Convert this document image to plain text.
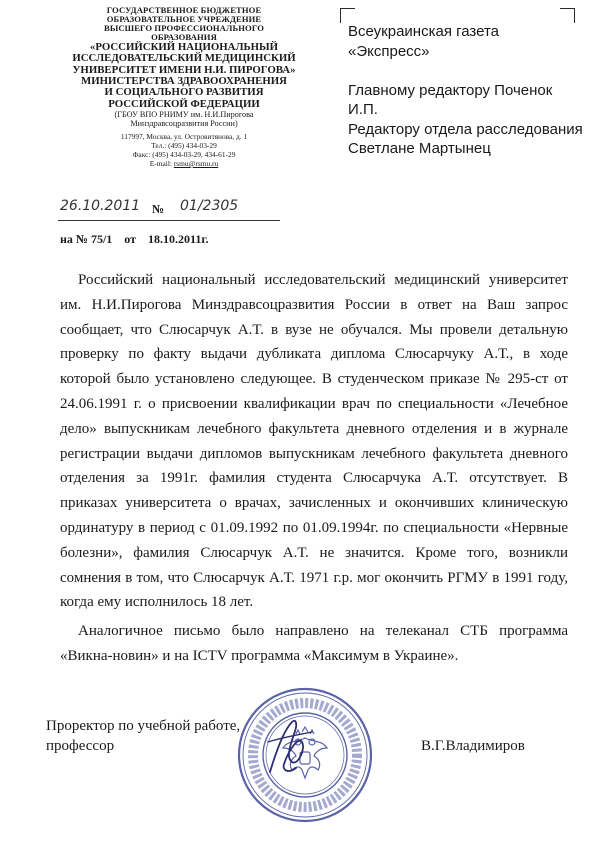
ГОСУДАРСТВЕННОЕ БЮДЖЕТНОЕ
ОБРАЗОВАТЕЛЬНОЕ УЧРЕЖДЕНИЕ
ВЫСШЕГО ПРОФЕССИОНАЛЬНОГО
ОБРАЗОВАНИЯ
«РОССИЙСКИЙ НАЦИОНАЛЬНЫЙ
ИССЛЕДОВАТЕЛЬСКИЙ МЕДИЦИНСКИЙ
УНИВЕРСИТЕТ ИМЕНИ Н.И. ПИРОГОВА»
МИНИСТЕРСТВА ЗДРАВООХРАНЕНИЯ
И СОЦИАЛЬНОГО РАЗВИТИЯ
РОССИЙСКОЙ ФЕДЕРАЦИИ
(ГБОУ ВПО РНИМУ им. Н.И.Пирогова
Минздравсоцразвития России)
117997, Москва, ул. Островитянова, д. 1
Тел.: (495) 434-03-29
Факс: (495) 434-03-29, 434-61-29
E-mail: rsmu@rsmu.ru
Всеукраинская газета
«Экспресс»

Главному редактору Поченок
И.П.
Редактору отдела расследования
Светлане Мартынец
26.10.2011 № 01/2305
на № 75/1    от    18.10.2011г.

Российский национальный исследовательский медицинский университет им. Н.И.Пирогова Минздравсоцразвития России в ответ на Ваш запрос сообщает, что Слюсарчук А.Т. в вузе не обучался. Мы провели детальную проверку по факту выдачи дубликата диплома Слюсарчуку А.Т., в ходе которой было установлено следующее. В студенческом приказе № 295-ст от 24.06.1991 г. о присвоении квалификации врач по специальности «Лечебное дело» выпускникам лечебного факультета дневного отделения и в журнале регистрации выдачи дипломов выпускникам лечебного факультета дневного отделения за 1991г. фамилия студента Слюсарчука А.Т. отсутствует. В приказах университета о врачах, зачисленных и окончивших клиническую ординатуру в период с 01.09.1992 по 01.09.1994г. по специальности «Нервные болезни», фамилия Слюсарчук А.Т. не значится. Кроме того, возникли сомнения в том, что Слюсарчук А.Т. 1971 г.р. мог окончить РГМУ в 1991 году, когда ему исполнилось 18 лет.

Аналогичное письмо было направлено на телеканал СТБ программа «Викна-новин» и на ICTV программа «Максимум в Украине».

Проректор по учебной работе,
профессор	В.Г.Владимиров
